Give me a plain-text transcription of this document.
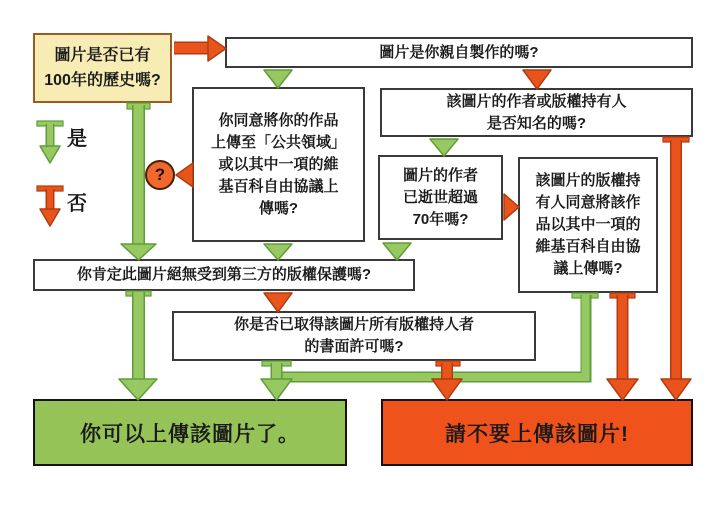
圖片是否已有
100年的歷史嗎?
圖片是你親自製作的嗎?
你同意將你的作品
上傳至「公共領域」
或以其中一項的維
基百科自由協議上
傳嗎?
該圖片的作者或版權持有人
是否知名的嗎?
圖片的作者
已逝世超過
70年嗎?
該圖片的版權持
有人同意將該作
品以其中一項的
維基百科自由協
議上傳嗎?
你肯定此圖片絕無受到第三方的版權保護嗎?
你是否已取得該圖片所有版權持人者
的書面許可嗎?
你可以上傳該圖片了。	請不要上傳該圖片!
是
否
?
